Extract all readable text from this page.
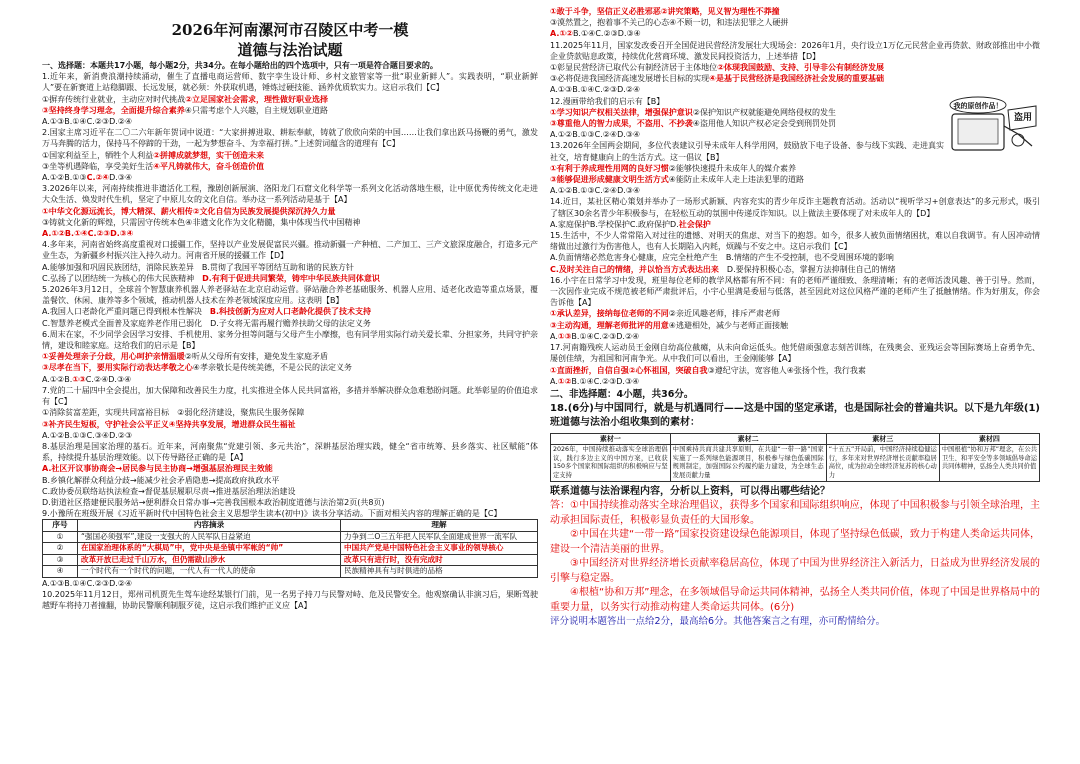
2026年河南漯河市召陵区中考一模
道德与法治试题

一、选择题：本题共17小题，每小题2分，共34分。在每小题给出的四个选项中，只有一项是符合题目要求的。

1.近年来，新消费浪潮持续涌动，催生了直播电商运营师、数字孪生设计师、乡村文旅管家等一批“职业新鲜人”。实践表明，“职业新鲜人”要在新赛道上站稳脚跟、长远发展，就必须：外获取机遇，锤炼过硬技能、涵养优质软实力。这启示我们【C】

①摒弃传统行业就业，主动应对时代挑战②立足国家社会需求，理性做好职业选择

③坚持终身学习理念，全面提升综合素养④只需考虑个人兴趣，自主规划职业道路

A.①③B.①④C.②③D.②④

2.国家主席习近平在二〇二六年新年贺词中说道：“大家拼搏进取、耕耘奉献，铸就了欣欣向荣的中国……让我们拿出跃马扬鞭的勇气，激发万马奔腾的活力，保持马不停蹄的干劲，一起为梦想奋斗、为幸福打拼。”上述贺词蕴含的道理有【C】

①国家利益至上，牺牲个人利益②拼搏成就梦想，实干创造未来

③坐等机遇降临，享受美好生活④平凡铸就伟大，奋斗创造价值

A.①②B.①③C.②④D.③④

3.2026年以来，河南持续推进非遗活化工程，豫剧创新展演、洛阳龙门石窟文化科学等一系列文化活动落地生根，让中原优秀传统文化走进大众生活、焕发时代生机，坚定了中原儿女的文化自信。举办这一系列活动是基于【A】

①中华文化源远流长，博大精深、薪火相传②文化自信为民族发展提供深沉持久力量

③铸就文化新的辉煌，只需因守传统本色④非遗文化作为文化精髓，集中体现当代中国精神

A.①②B.①④C.②③D.③④

4.多年来，河南省始终高度重视对口援疆工作，坚持以产业发展促富民兴疆。推动新疆一产种植、二产加工、三产文旅深度融合，打造多元产业生态，为新疆乡村振兴注入持久动力。河南省开展的援疆工作【D】

A.能够加强和巩固民族团结，消除民族差异　 B.贯彻了我国平等团结互助和谐的民族方针

C.弘扬了以团结统一为核心的伟大民族精神　 D.有利于促进共同繁荣，铸牢中华民族共同体意识

5.2026年3月12日，全球首个智慧康养机器人养老驿站在北京启动运营。驿站融合养老基础服务、机器人应用、适老化改造等重点场景，覆盖餐饮、休闲、康养等多个领域，推动机器人技术在养老领域深度应用。这表明【B】

A.我国人口老龄化严重问题已得到根本性解决　 B.科技创新为应对人口老龄化提供了技术支持

C.智慧养老模式全面普及家庭养老作用已弱化　 D.子女将无需再履行赡养扶助父母的法定义务

6.周末在家，不少同学会因学习安排、手机使用、家务分担等问题与父母产生小摩擦，也有同学用实际行动关爱长辈、分担家务，共同守护亲情，建设和睦家庭。这给我们的启示是【B】

①妥善处理亲子分歧，用心呵护亲情温暖②听从父母所有安排，避免发生家庭矛盾

③尽孝在当下，要用实际行动表达孝敬之心④孝亲敬长是传统美德，不是公民的法定义务

A.①②B.①③C.②④D.③④

7.党的二十届四中全会提出，加大保障和改善民生力度，扎实推进全体人民共同富裕，多措并举解决群众急难愁盼问题。此举彰显的价值追求有【C】

①消除贫富差距，实现共同富裕目标　 ②弱化经济建设，聚焦民生服务保障

③补齐民生短板，守护社会公平正义④坚持共享发展，增进群众民生福祉

A.①②B.①③C.③④D.②③

8.基层治理是国家治理的基石。近年来，河南聚焦“党建引领、多元共治”，深耕基层治理实践，健全“省市统筹、县乡落实、社区赋能”体系，持续提升基层治理效能。以下传导路径正确的是【A】

A.社区开议事协商会→居民参与民主协商→增强基层治理民主效能

B.乡镇化解群众利益分歧→能减少社会矛盾隐患→提高政府执政水平

C.政协委员联络站执法检查→督促基层履职尽责→推进基层治理法治建设

D.街道社区搭建便民服务站→便利群众日常办事→完善我国根本政治制度道德与法治第2页(共8页)

9.小豫所在班级开展《习近平新时代中国特色社会主义思想学生读本(初中)》读书分享活动。下面对相关内容的理解正确的是【C】

序号	内容摘录	理解
①	“强国必须强军”,建设一支强大的人民军队日益紧迫	力争到二O三五年把人民军队全面建成世界一流军队
②	在国家治理体系的“大棋局”中，党中央是坐镇中军帐的“帅”	中国共产党是中国特色社会主义事业的领导核心
③	改革开放已走过千山万水，但仍需跋山涉水	改革只有进行时，没有完成时
④	一个时代有一个时代的问题，一代人有一代人的使命	民族精神具有与时俱进的品格

A.①③B.①④C.②③D.②④

10.2025年11月12日，郑州司机贾先生驾车途经某银行门前，见一名男子持刀与民警对峙、危及民警安全。他观察确认非演习后，果断驾驶越野车将持刀者撞翻，协助民警顺利制服歹徒，这启示我们维护正义应【A】

①敢于斗争，坚信正义必胜邪恶②讲究策略，见义智为理性不莽撞

③漠然置之，抱着事不关己的心态④不顾一切，和违法犯罪之人硬拼

A.①②B.①④C.②③D.③④

11.2025年11月，国家发改委召开全国促进民营经济发展壮大现场会：2026年1月，央行设立1万亿元民营企业再贷款、财政部推出中小微企业贷款贴息政策，持续优化营商环境、激发民间投资活力，上述举措【D】

①彰显民营经济已取代公有制经济居于主体地位②体现我国鼓励、支持、引导非公有制经济发展

③必将促进我国经济高速发展增长目标的实现④是基于民营经济是我国经济社会发展的重要基础

A.①③B.①④C.②③D.②④

我的原创作品！
盗用

12.漫画带给我们的启示有【B】

①学习知识产权相关法律，增强保护意识②保护知识产权就能避免网络侵权的发生

③尊重他人的智力成果，不盗用、不抄袭④盗用他人知识产权必定会受到刑罚处罚

A.①②B.①③C.②④D.③④

13.2026年全国两会期间，多位代表建议引导未成年人科学用网，鼓励放下电子设备、参与线下实践、走进真实社交，培育健康向上的生活方式。这一倡议【B】

①有利于养成理性用网的良好习惯②能够快速提升未成年人的媒介素养

③能够促进形成健康文明生活方式④能防止未成年人走上违法犯罪的道路

A.①②B.①③C.②④D.③④

14.近日，某社区精心策划并举办了一场形式新颖、内容充实的青少年反诈主题教育活动。活动以“视听学习+创意表达”的多元形式，吸引了辖区30余名青少年积极参与，在轻松互动的氛围中传递反诈知识。以上做法主要体现了对未成年人的【D】

A.家庭保护B.学校保护C.政府保护D.社会保护

15.生活中，不少人常常陷入对过往的遗憾、对明天的焦虑、对当下的抱怨。如今，很多人被负面情绪困扰，难以自我调节。有人因冲动情绪做出过激行为伤害他人，也有人长期陷入内耗，烦躁与不安之中。这启示我们【C】

A.负面情绪必然危害身心健康，应完全杜绝产生　 B.情绪的产生不受控制，也不受周围环境的影响

C.及时关注自己的情绪，并以恰当方式表达出来　 D.要保持积极心态，掌握方法抑制住自己的情绪

16.小宇在日常学习中发现，班里每位老师的教学风格都有所不同：有的老师严谨细致、条理清晰；有的老师活泼风趣、善于引导。然而，一次因作业完成不规范被老师严肃批评后，小宇心里满是委屈与低落，甚至因此对这位风格严谨的老师产生了抵触情绪。作为好朋友，你会告诉他【A】

①承认差异，接纳每位老师的不同②亲近风趣老师，排斥严肃老师

③主动沟通，理解老师批评的用意④逃避相处，减少与老师正面接触

A.①③B.①④C.②③D.②④

17.河南籍残疾人运动员王金刚自幼高位截瘫，从未向命运低头。他凭借顽强意志刻苦训练，在残奥会、亚残运会等国际赛场上奋勇争先、屡创佳绩，为祖国和河南争光。从中我们可以看出，王金刚能够【A】

①直面挫折，自信自强②心怀祖国，突破自我③遵纪守法，宽容他人④张扬个性，我行我素

A.①②B.①④C.②③D.③④

二、非选择题：4小题，共36分。

18.(6分)与中国同行，就是与机遇同行——这是中国的坚定承诺，也是国际社会的普遍共识。以下是九年级(1)班道德与法治小组收集到的素材：

素材一	素材二	素材三	素材四
2026年，中国持续推动落实全球治理倡议，践行多边主义的中国方案，已收获150多个国家和国际组织的积极响应与坚定支持	中国乘持共商共建共享原则，在共建“一带一路”国家实施了一系列绿色能源项目，积极参与绿色低碳国际规则制定，加强国际公约履约能力建设，为全球生态发展贡献力量	“十五五”开局前，中国经济持续稳健运行，多年来对世界经济增长贡献率稳居高位，成为拉动全球经济复苏的核心动力	中国根植“协和万邦”理念，在公共卫生、和平安全等多领域倡导命运共同体精神，弘扬全人类共同价值

联系道德与法治课程内容，分析以上资料，可以得出哪些结论？

答：①中国持续推动落实全球治理倡议，获得多个国家和国际组织响应，体现了中国积极参与引领全球治理，主动承担国际责任，积极彰显负责任的大国形象。

②中国在共建“一带一路”国家投资建设绿色能源项目，体现了坚持绿色低碳，致力于构建人类命运共同体，建设一个清洁美丽的世界。

③中国经济对世界经济增长贡献率稳居高位，体现了中国为世界经济注入新活力，日益成为世界经济发展的引擎与稳定器。

④根植“协和万邦”理念，在多领域倡导命运共同体精神，弘扬全人类共同价值，体现了中国是世界格局中的重要力量，以务实行动推动构建人类命运共同体。(6分)

评分说明本题答出一点给2分，最高给6分。其他答案言之有理，亦可酌情给分。
